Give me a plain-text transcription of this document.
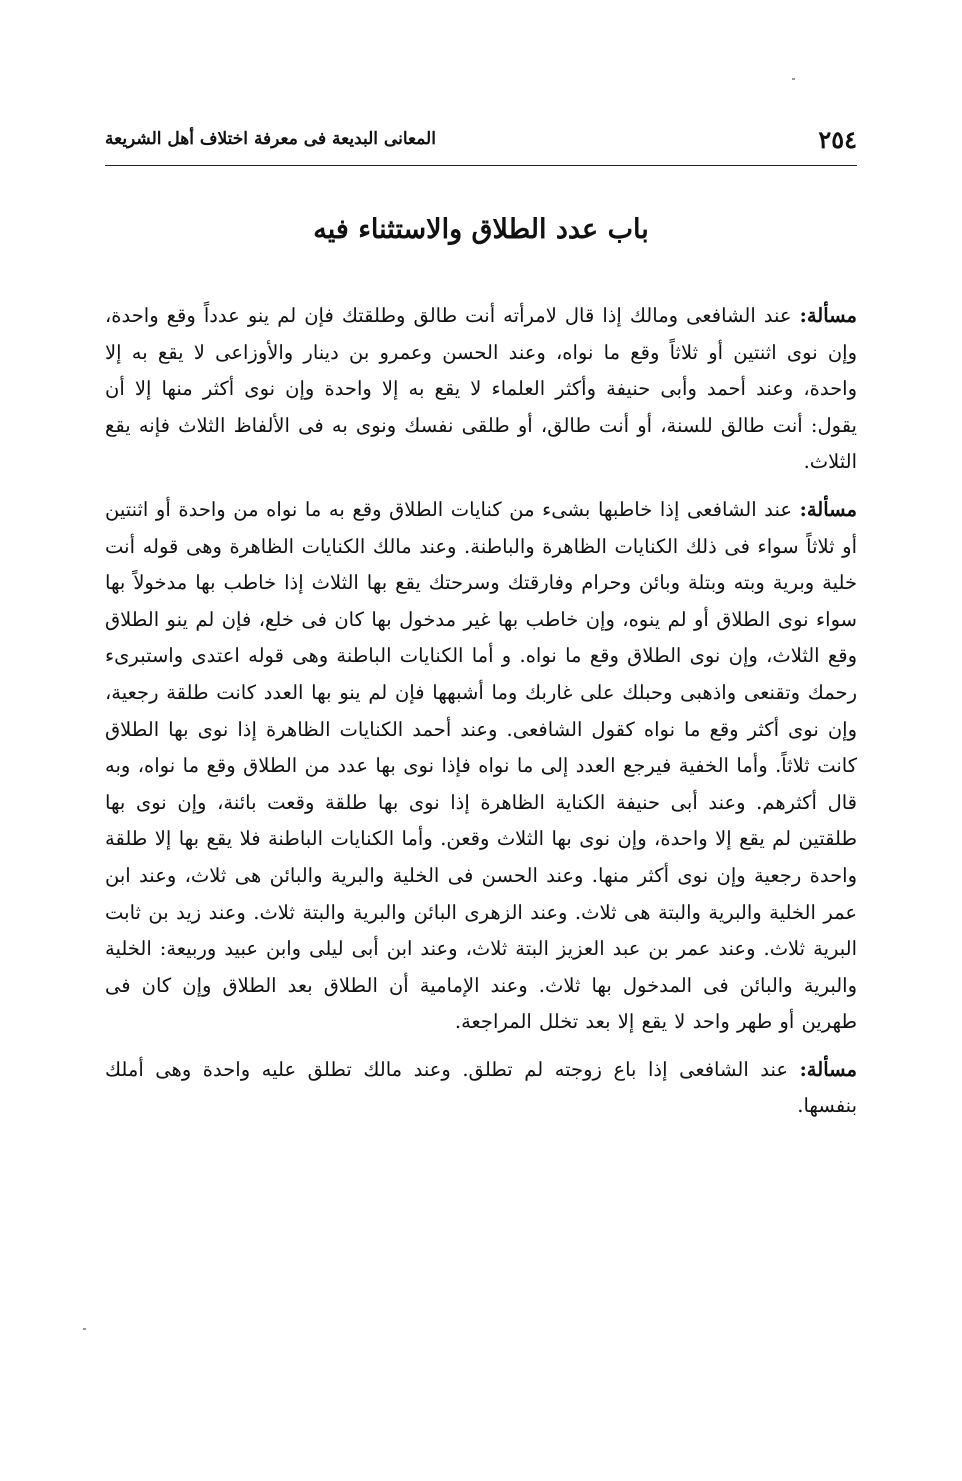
٢٥٤
المعانى البديعة فى معرفة اختلاف أهل الشريعة
باب عدد الطلاق والاستثناء فيه

مسألة: عند الشافعى ومالك إذا قال لامرأته أنت طالق وطلقتك فإن لم ينو عدداً وقع واحدة، وإن نوى اثنتين أو ثلاثاً وقع ما نواه، وعند الحسن وعمرو بن دينار والأوزاعى لا يقع به إلا واحدة، وعند أحمد وأبى حنيفة وأكثر العلماء لا يقع به إلا واحدة وإن نوى أكثر منها إلا أن يقول: أنت طالق للسنة، أو أنت طالق، أو طلقى نفسك ونوى به فى الألفاظ الثلاث فإنه يقع الثلاث.

مسألة: عند الشافعى إذا خاطبها بشىء من كنايات الطلاق وقع به ما نواه من واحدة أو اثنتين أو ثلاثاً سواء فى ذلك الكنايات الظاهرة والباطنة. وعند مالك الكنايات الظاهرة وهى قوله أنت خلية وبرية وبته وبتلة وبائن وحرام وفارقتك وسرحتك يقع بها الثلاث إذا خاطب بها مدخولاً بها سواء نوى الطلاق أو لم ينوه، وإن خاطب بها غير مدخول بها كان فى خلع، فإن لم ينو الطلاق وقع الثلاث، وإن نوى الطلاق وقع ما نواه. و أما الكنايات الباطنة وهى قوله اعتدى واستبرىء رحمك وتقنعى واذهبى وحبلك على غاربك وما أشبهها فإن لم ينو بها العدد كانت طلقة رجعية، وإن نوى أكثر وقع ما نواه كقول الشافعى. وعند أحمد الكنايات الظاهرة إذا نوى بها الطلاق كانت ثلاثاً. وأما الخفية فيرجع العدد إلى ما نواه فإذا نوى بها عدد من الطلاق وقع ما نواه، وبه قال أكثرهم. وعند أبى حنيفة الكناية الظاهرة إذا نوى بها طلقة وقعت بائنة، وإن نوى بها طلقتين لم يقع إلا واحدة، وإن نوى بها الثلاث وقعن. وأما الكنايات الباطنة فلا يقع بها إلا طلقة واحدة رجعية وإن نوى أكثر منها. وعند الحسن فى الخلية والبرية والبائن هى ثلاث، وعند ابن عمر الخلية والبرية والبتة هى ثلاث. وعند الزهرى البائن والبرية والبتة ثلاث. وعند زيد بن ثابت البرية ثلاث. وعند عمر بن عبد العزيز البتة ثلاث، وعند ابن أبى ليلى وابن عبيد وربيعة: الخلية والبرية والبائن فى المدخول بها ثلاث. وعند الإمامية أن الطلاق بعد الطلاق وإن كان فى طهرين أو طهر واحد لا يقع إلا بعد تخلل المراجعة.

مسألة: عند الشافعى إذا باع زوجته لم تطلق. وعند مالك تطلق عليه واحدة وهى أملك بنفسها.
